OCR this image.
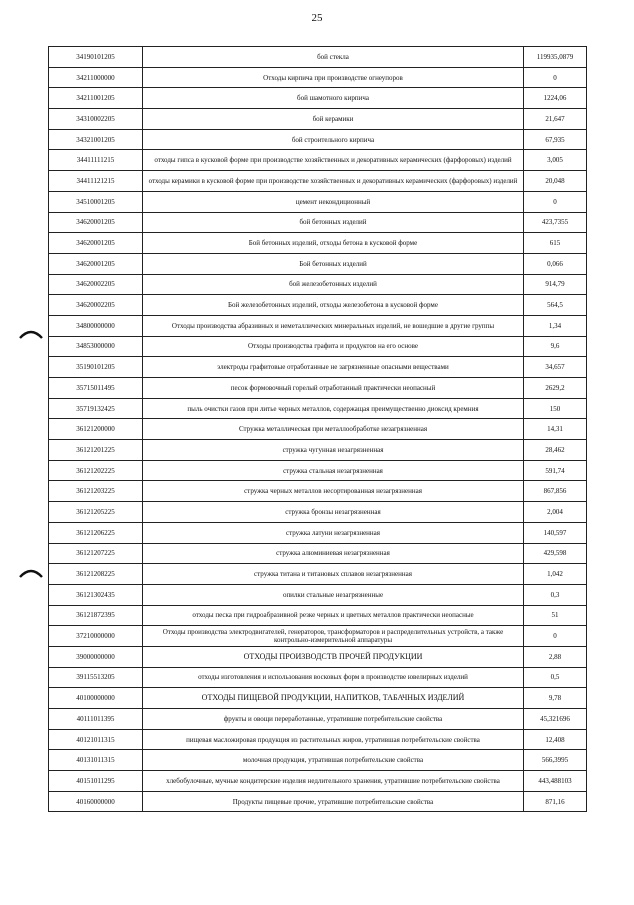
25
34190101205	бой стекла	119935,0879
34211000000	Отходы кирпича при производстве огнеупоров	0
34211001205	бой шамотного кирпича	1224,06
34310002205	бой керамики	21,647
34321001205	бой строительного кирпича	67,935
34411111215	отходы гипса в кусковой форме при производстве хозяйственных и декоративных керамических (фарфоровых) изделий	3,005
34411121215	отходы керамики в кусковой форме при производстве хозяйственных и декоративных керамических (фарфоровых) изделий	20,048
34510001205	цемент некондиционный	0
34620001205	бой бетонных изделий	423,7355
34620001205	Бой бетонных изделий, отходы бетона в кусковой форме	615
34620001205	Бой бетонных изделий	0,066
34620002205	бой железобетонных изделий	914,79
34620002205	Бой железобетонных изделий, отходы железобетона в кусковой форме	564,5
34800000000	Отходы производства абразивных и неметаллических минеральных изделий, не вошедшие в другие группы	1,34
34853000000	Отходы производства графита и продуктов на его основе	9,6
35190101205	электроды графитовые отработанные не загрязненные опасными веществами	34,657
35715011495	песок формовочный горелый отработанный практически неопасный	2629,2
35719132425	пыль очистки газов при литье черных металлов, содержащая преимущественно диоксид кремния	150
36121200000	Стружка металлическая при металлообработке незагрязненная	14,31
36121201225	стружка чугунная незагрязненная	28,462
36121202225	стружка стальная незагрязненная	591,74
36121203225	стружка черных металлов несортированная незагрязненная	867,856
36121205225	стружка бронзы незагрязненная	2,004
36121206225	стружка латуни незагрязненная	140,597
36121207225	стружка алюминиевая незагрязненная	429,598
36121208225	стружка титана и титановых сплавов незагрязненная	1,042
36121302435	опилки стальные незагрязненные	0,3
36121872395	отходы песка при гидроабразивной резке черных и цветных металлов практически неопасные	51
37210000000	Отходы производства электродвигателей, генераторов, трансформаторов и распределительных устройств, а также контрольно-измерительной аппаратуры	0
39000000000	ОТХОДЫ ПРОИЗВОДСТВ ПРОЧЕЙ ПРОДУКЦИИ	2,88
39115513205	отходы изготовления и использования восковых форм в производстве ювелирных изделий	0,5
40100000000	ОТХОДЫ ПИЩЕВОЙ ПРОДУКЦИИ, НАПИТКОВ, ТАБАЧНЫХ ИЗДЕЛИЙ	9,78
40111011395	фрукты и овощи переработанные, утратившие потребительские свойства	45,321696
40121011315	пищевая масложировая продукция из растительных жиров, утратившая потребительские свойства	12,408
40131011315	молочная продукция, утратившая потребительские свойства	566,3995
40151011295	хлебобулочные, мучные кондитерские изделия недлительного хранения, утратившие потребительские свойства	443,488103
40160000000	Продукты пищевые прочие, утратившие потребительские свойства	871,16
